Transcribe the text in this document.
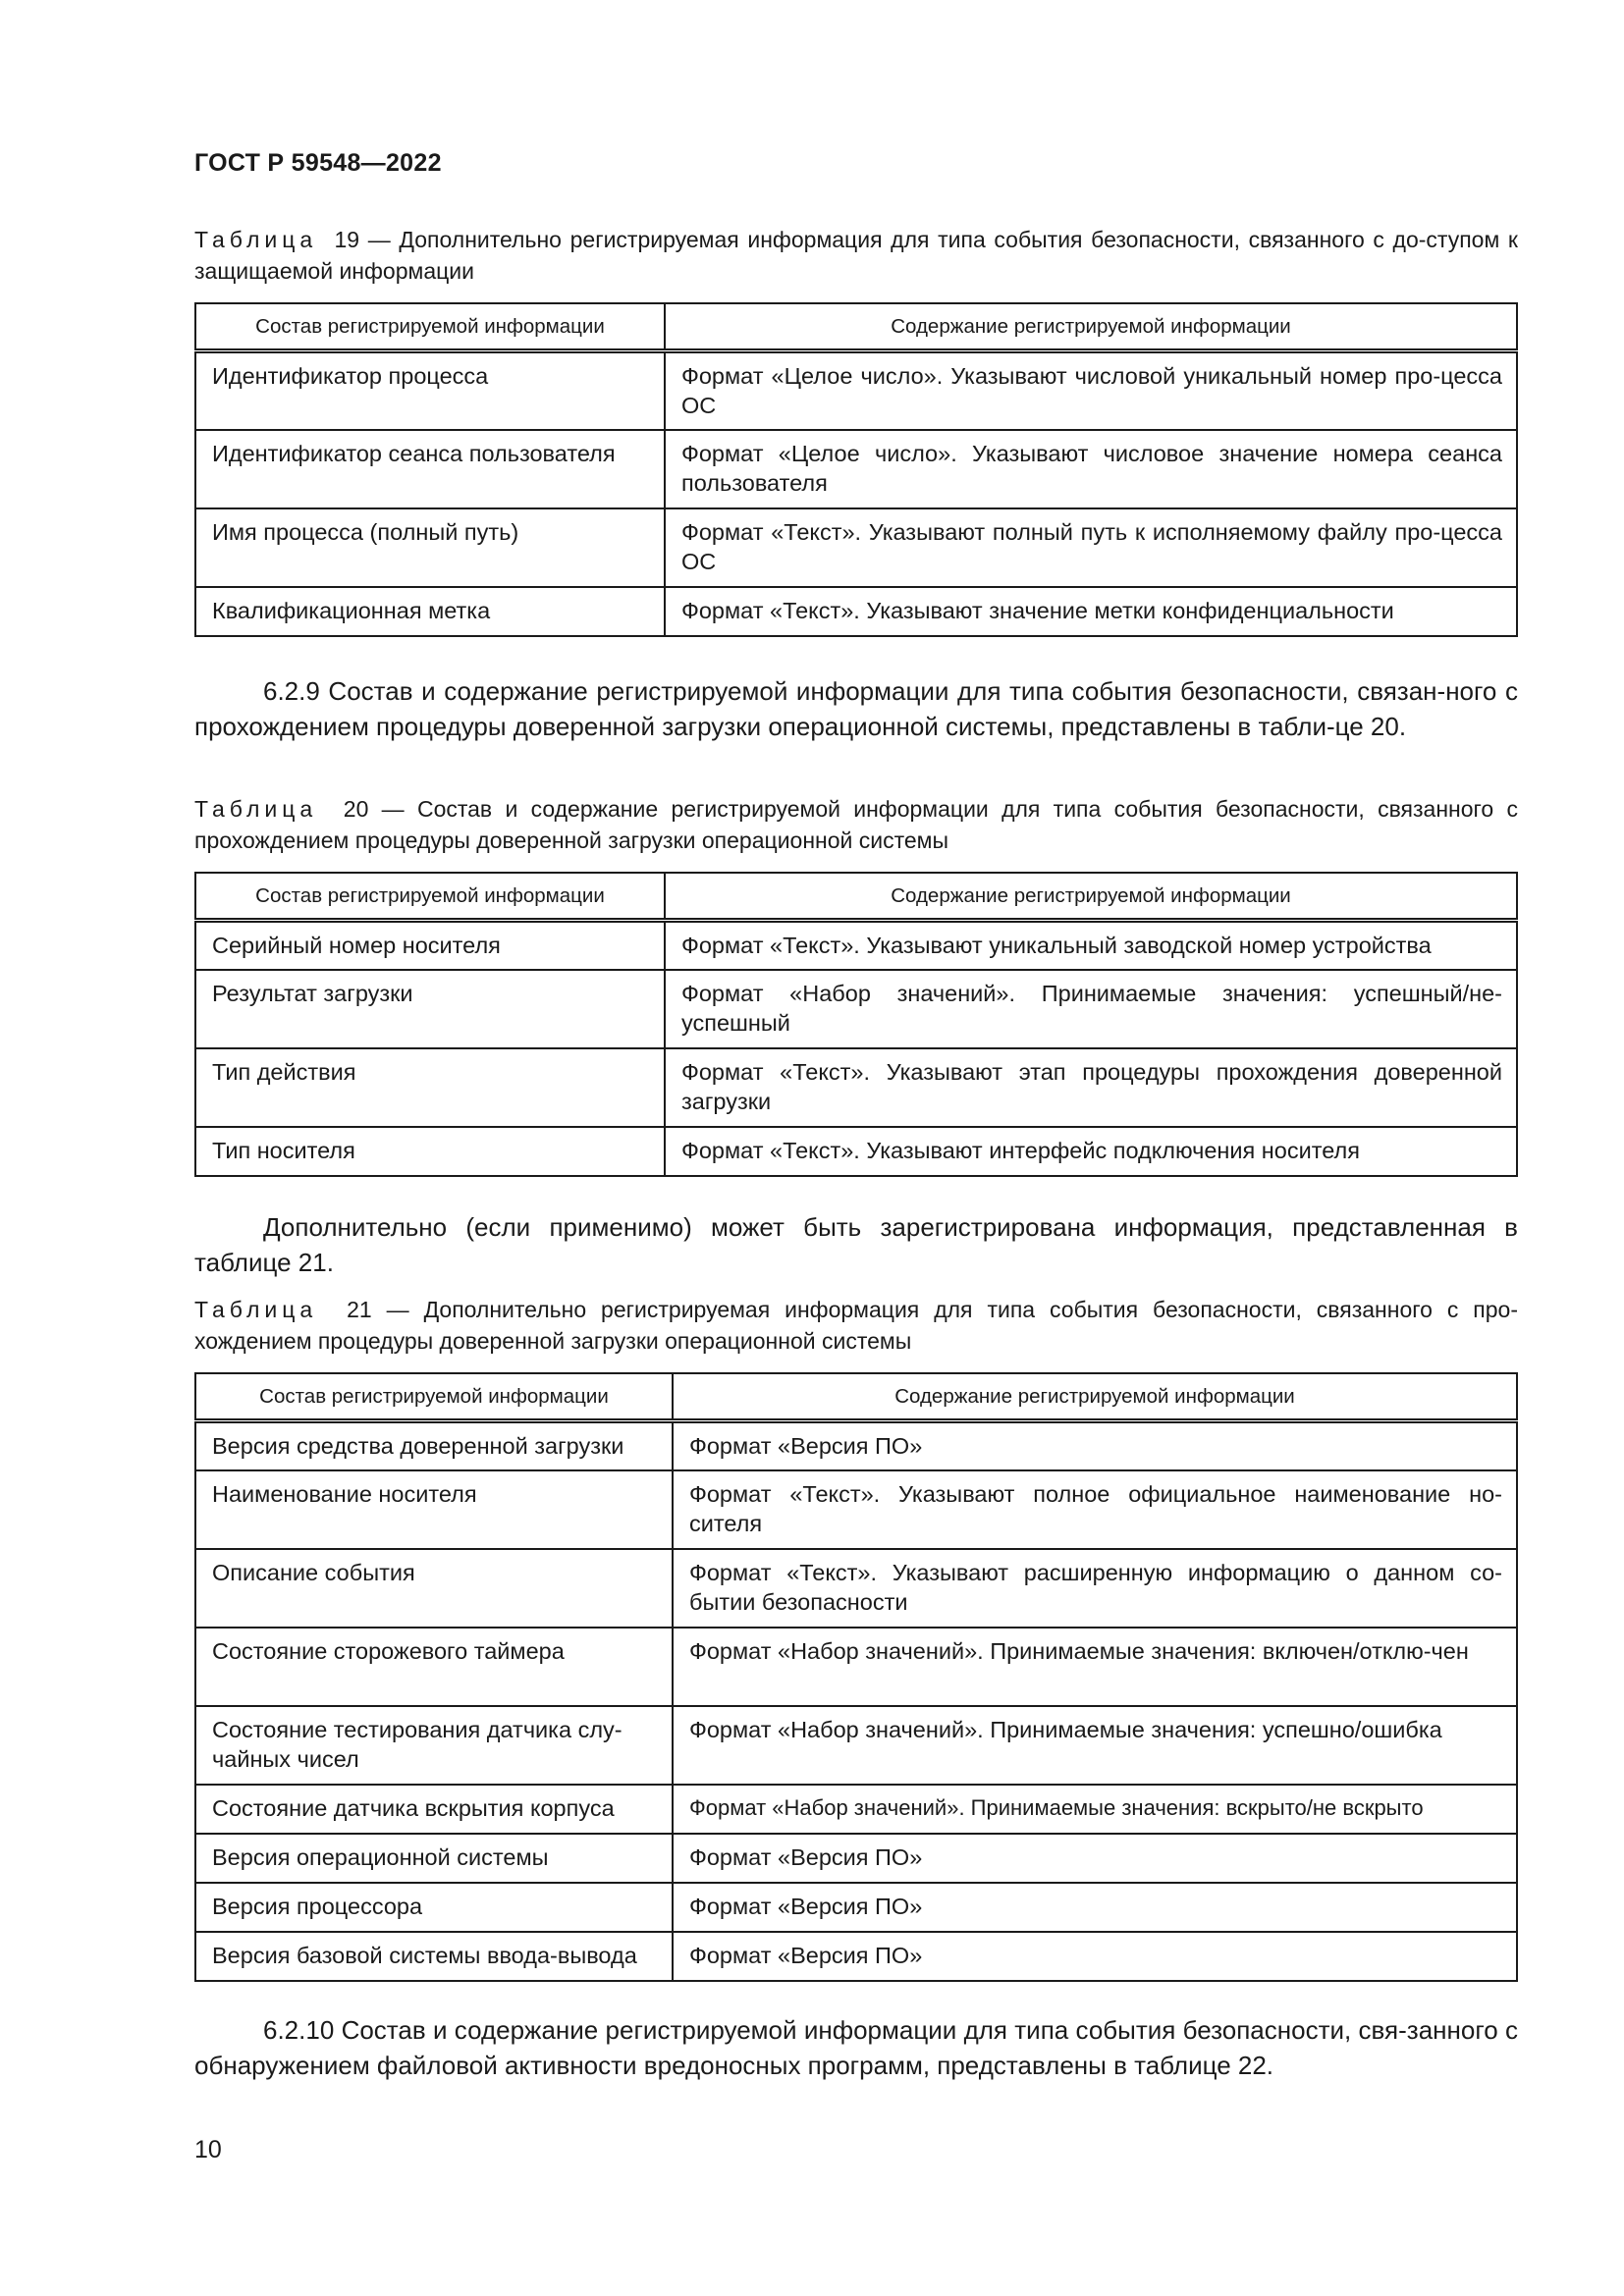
ГОСТ Р 59548—2022
Таблица 19 — Дополнительно регистрируемая информация для типа события безопасности, связанного с до-ступом к защищаемой информации
Состав регистрируемой информации	Содержание регистрируемой информации
Идентификатор процесса	Формат «Целое число». Указывают числовой уникальный номер про-цесса ОС
Идентификатор сеанса пользователя	Формат «Целое число». Указывают числовое значение номера сеанса пользователя
Имя процесса (полный путь)	Формат «Текст». Указывают полный путь к исполняемому файлу про-цесса ОС
Квалификационная метка	Формат «Текст». Указывают значение метки конфиденциальности
6.2.9 Состав и содержание регистрируемой информации для типа события безопасности, связан-ного с прохождением процедуры доверенной загрузки операционной системы, представлены в табли-це 20.
Таблица 20 — Состав и содержание регистрируемой информации для типа события безопасности, связанного с прохождением процедуры доверенной загрузки операционной системы
Состав регистрируемой информации	Содержание регистрируемой информации
Серийный номер носителя	Формат «Текст». Указывают уникальный заводской номер устройства
Результат загрузки	Формат «Набор значений». Принимаемые значения: успешный/не-успешный
Тип действия	Формат «Текст». Указывают этап процедуры прохождения доверенной загрузки
Тип носителя	Формат «Текст». Указывают интерфейс подключения носителя
Дополнительно (если применимо) может быть зарегистрирована информация, представленная в таблице 21.
Таблица 21 — Дополнительно регистрируемая информация для типа события безопасности, связанного с про-хождением процедуры доверенной загрузки операционной системы
Состав регистрируемой информации	Содержание регистрируемой информации
Версия средства доверенной загрузки	Формат «Версия ПО»
Наименование носителя	Формат «Текст». Указывают полное официальное наименование но-сителя
Описание события	Формат «Текст». Указывают расширенную информацию о данном со-бытии безопасности
Состояние сторожевого таймера	Формат «Набор значений». Принимаемые значения: включен/отклю-чен
Состояние тестирования датчика слу-чайных чисел	Формат «Набор значений». Принимаемые значения: успешно/ошибка
Состояние датчика вскрытия корпуса	Формат «Набор значений». Принимаемые значения: вскрыто/не вскрыто
Версия операционной системы	Формат «Версия ПО»
Версия процессора	Формат «Версия ПО»
Версия базовой системы ввода-вывода	Формат «Версия ПО»
6.2.10 Состав и содержание регистрируемой информации для типа события безопасности, свя-занного с обнаружением файловой активности вредоносных программ, представлены в таблице 22.
10
